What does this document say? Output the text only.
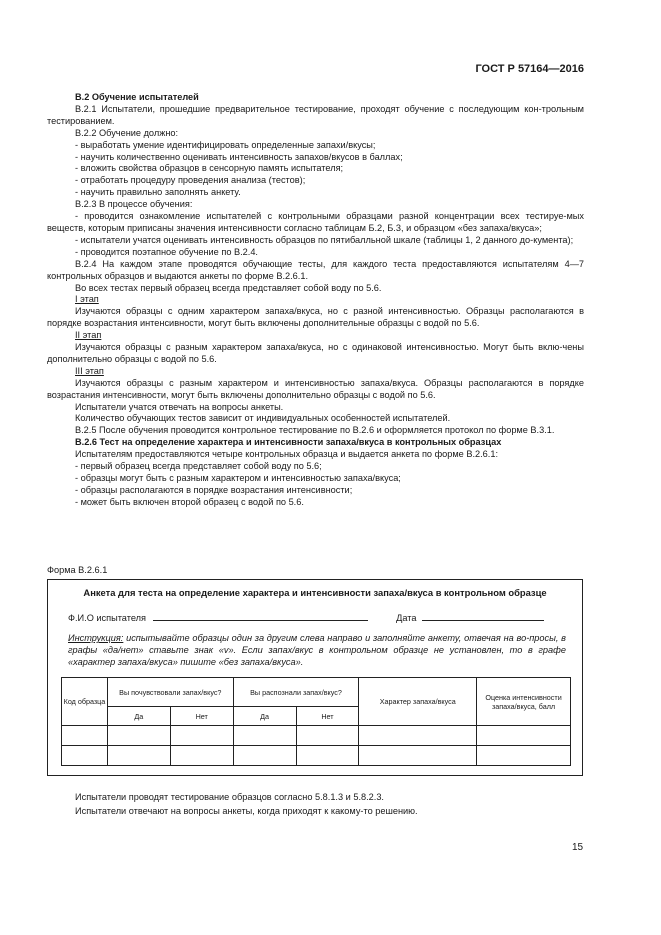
ГОСТ Р 57164—2016

В.2 Обучение испытателей

В.2.1 Испытатели, прошедшие предварительное тестирование, проходят обучение с последующим кон-трольным тестированием.

В.2.2 Обучение должно:

- выработать умение идентифицировать определенные запахи/вкусы;

- научить количественно оценивать интенсивность запахов/вкусов в баллах;

- вложить свойства образцов в сенсорную память испытателя;

- отработать процедуру проведения анализа (тестов);

- научить правильно заполнять анкету.

В.2.3 В процессе обучения:

- проводится ознакомление испытателей с контрольными образцами разной концентрации всех тестируе-мых веществ, которым приписаны значения интенсивности согласно таблицам Б.2, Б.3, и образцом «без запаха/вкуса»;

- испытатели учатся оценивать интенсивность образцов по пятибалльной шкале (таблицы 1, 2 данного до-кумента);

- проводится поэтапное обучение по В.2.4.

В.2.4 На каждом этапе проводятся обучающие тесты, для каждого теста предоставляются испытателям 4—7 контрольных образцов и выдаются анкеты по форме В.2.6.1.

Во всех тестах первый образец всегда представляет собой воду по 5.6.

I этап

Изучаются образцы с одним характером запаха/вкуса, но с разной интенсивностью. Образцы располагаются в порядке возрастания интенсивности, могут быть включены дополнительные образцы с водой по 5.6.

II этап

Изучаются образцы с разным характером запаха/вкуса, но с одинаковой интенсивностью. Могут быть вклю-чены дополнительно образцы с водой по 5.6.

III этап

Изучаются образцы с разным характером и интенсивностью запаха/вкуса. Образцы располагаются в порядке возрастания интенсивности, могут быть включены дополнительно образцы с водой по 5.6.

Испытатели учатся отвечать на вопросы анкеты.

Количество обучающих тестов зависит от индивидуальных особенностей испытателей.

В.2.5 После обучения проводится контрольное тестирование по В.2.6 и оформляется протокол по форме В.3.1.

В.2.6 Тест на определение характера и интенсивности запаха/вкуса в контрольных образцах

Испытателям предоставляются четыре контрольных образца и выдается анкета по форме В.2.6.1:

- первый образец всегда представляет собой воду по 5.6;

- образцы могут быть с разным характером и интенсивностью запаха/вкуса;

- образцы располагаются в порядке возрастания интенсивности;

- может быть включен второй образец с водой по 5.6.

Форма В.2.6.1
Анкета для теста на определение характера и интенсивности запаха/вкуса в контрольном образце
Ф.И.О испытателя	Дата
Инструкция: испытывайте образцы один за другим слева направо и заполняйте анкету, отвечая на во-просы, в графы «да/нет» ставьте знак «v». Если запах/вкус в контрольном образце не установлен, то в графе «характер запаха/вкуса» пишите «без запаха/вкуса».
Код образца	Вы почувствовали запах/вкус?		Вы распознали запах/вкус?		Характер запаха/вкуса	Оценка интенсивности запаха/вкуса, балл
	Да	Нет	Да	Нет		

Испытатели проводят тестирование образцов согласно 5.8.1.3 и 5.8.2.3.
Испытатели отвечают на вопросы анкеты, когда приходят к какому-то решению.
15
